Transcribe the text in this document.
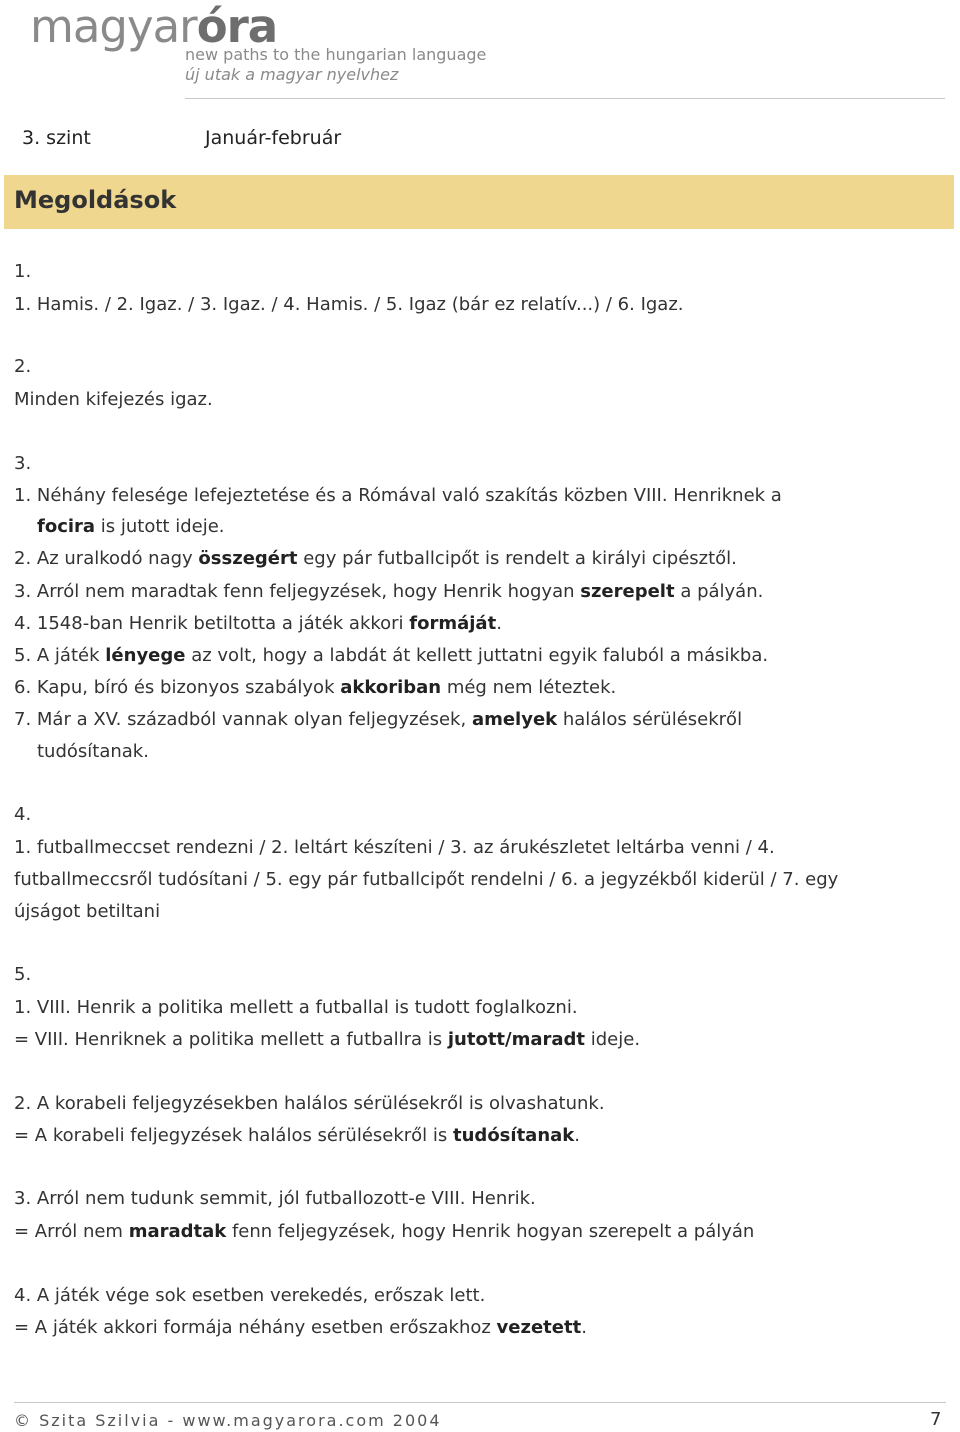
magyaróra
new paths to the hungarian language
új utak a magyar nyelvhez
3. szint	Január-február
Megoldások
1.
1. Hamis. / 2. Igaz. / 3. Igaz. / 4. Hamis. / 5. Igaz (bár ez relatív...) / 6. Igaz.
2.
Minden kifejezés igaz.
3.
1. Néhány felesége lefejeztetése és a Rómával való szakítás közben VIII. Henriknek a
focira is jutott ideje.
2. Az uralkodó nagy összegért egy pár futballcipőt is rendelt a királyi cipésztől.
3. Arról nem maradtak fenn feljegyzések, hogy Henrik hogyan szerepelt a pályán.
4. 1548-ban Henrik betiltotta a játék akkori formáját.
5. A játék lényege az volt, hogy a labdát át kellett juttatni egyik faluból a másikba.
6. Kapu, bíró és bizonyos szabályok akkoriban még nem léteztek.
7. Már a XV. századból vannak olyan feljegyzések, amelyek halálos sérülésekről
tudósítanak.
4.
1. futballmeccset rendezni / 2. leltárt készíteni / 3. az árukészletet leltárba venni / 4.
futballmeccsről tudósítani / 5. egy pár futballcipőt rendelni / 6. a jegyzékből kiderül / 7. egy
újságot betiltani
5.
1. VIII. Henrik a politika mellett a futballal is tudott foglalkozni.
= VIII. Henriknek a politika mellett a futballra is jutott/maradt ideje.
2. A korabeli feljegyzésekben halálos sérülésekről is olvashatunk.
= A korabeli feljegyzések halálos sérülésekről is tudósítanak.
3. Arról nem tudunk semmit, jól futballozott-e VIII. Henrik.
= Arról nem maradtak fenn feljegyzések, hogy Henrik hogyan szerepelt a pályán
4. A játék vége sok esetben verekedés, erőszak lett.
= A játék akkori formája néhány esetben erőszakhoz vezetett.
© Szita Szilvia - www.magyarora.com 2004	7
